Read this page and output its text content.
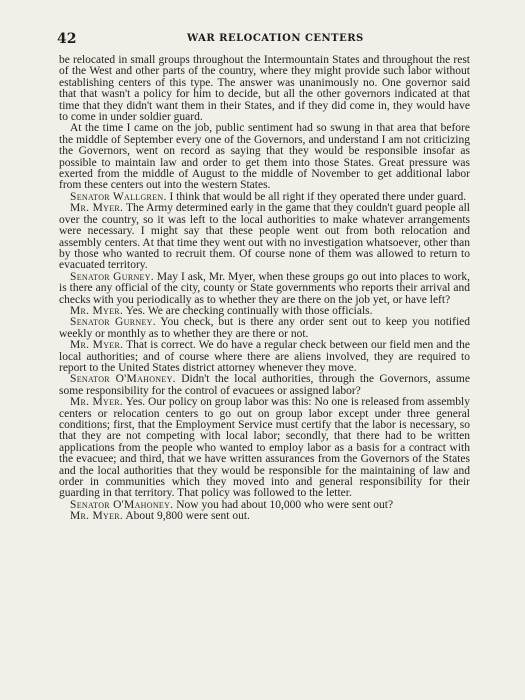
42	WAR RELOCATION CENTERS

be relocated in small groups throughout the Intermountain States and throughout the rest of the West and other parts of the country, where they might provide such labor without establishing centers of this type. The answer was unanimously no. One governor said that that wasn't a policy for him to decide, but all the other governors indicated at that time that they didn't want them in their States, and if they did come in, they would have to come in under soldier guard.

At the time I came on the job, public sentiment had so swung in that area that before the middle of September every one of the Governors, and understand I am not criticizing the Governors, went on record as saying that they would be responsible insofar as possible to maintain law and order to get them into those States. Great pressure was exerted from the middle of August to the middle of November to get additional labor from these centers out into the western States.

Senator Wallgren. I think that would be all right if they operated there under guard.

Mr. Myer. The Army determined early in the game that they couldn't guard people all over the country, so it was left to the local authorities to make whatever arrangements were necessary. I might say that these people went out from both relocation and assembly centers. At that time they went out with no investigation whatsoever, other than by those who wanted to recruit them. Of course none of them was allowed to return to evacuated territory.

Senator Gurney. May I ask, Mr. Myer, when these groups go out into places to work, is there any official of the city, county or State governments who reports their arrival and checks with you periodically as to whether they are there on the job yet, or have left?

Mr. Myer. Yes. We are checking continually with those officials.

Senator Gurney. You check, but is there any order sent out to keep you notified weekly or monthly as to whether they are there or not.

Mr. Myer. That is correct. We do have a regular check between our field men and the local authorities; and of course where there are aliens involved, they are required to report to the United States district attorney whenever they move.

Senator O'Mahoney. Didn't the local authorities, through the Governors, assume some responsibility for the control of evacuees or assigned labor?

Mr. Myer. Yes. Our policy on group labor was this: No one is released from assembly centers or relocation centers to go out on group labor except under three general conditions; first, that the Employment Service must certify that the labor is necessary, so that they are not competing with local labor; secondly, that there had to be written applications from the people who wanted to employ labor as a basis for a contract with the evacuee; and third, that we have written assurances from the Governors of the States and the local authorities that they would be responsible for the maintaining of law and order in communities which they moved into and general responsibility for their guarding in that territory. That policy was followed to the letter.

Senator O'Mahoney. Now you had about 10,000 who were sent out?

Mr. Myer. About 9,800 were sent out.
